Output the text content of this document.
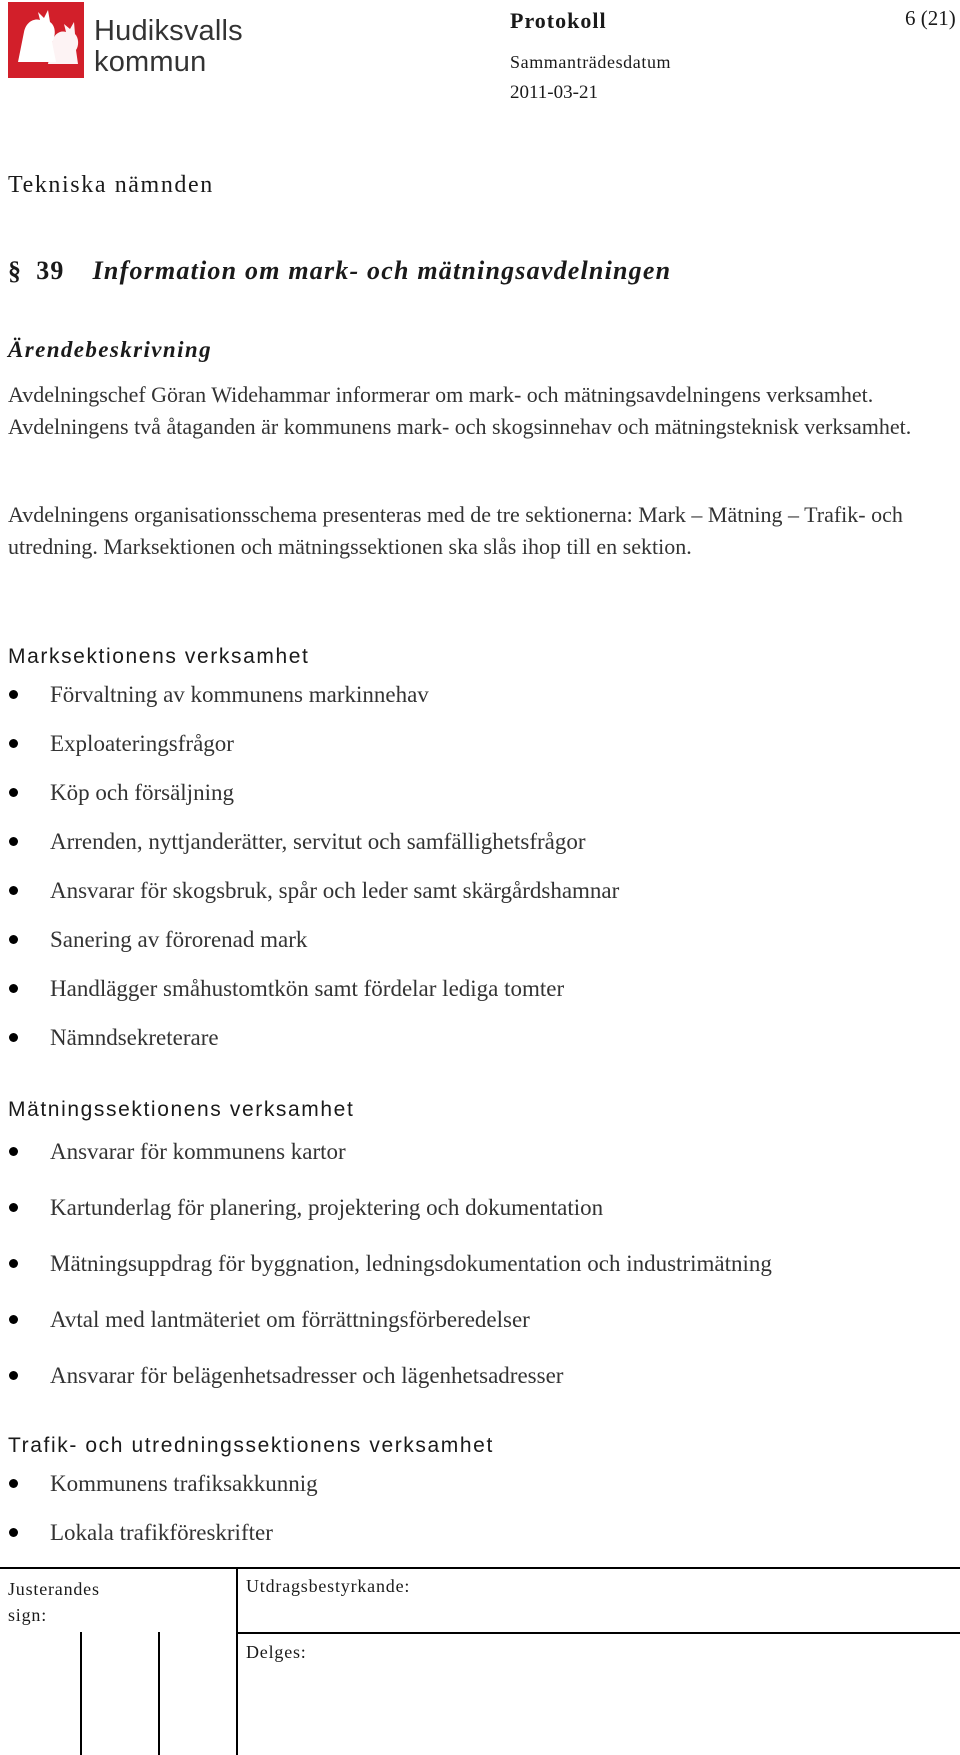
Hudiksvalls
kommun
Protokoll	6 (21)
Sammanträdesdatum
2011-03-21
Tekniska nämnden
§ 39 Information om mark- och mätningsavdelningen
Ärendebeskrivning
Avdelningschef Göran Widehammar informerar om mark- och mätningsavdelningens verksamhet. Avdelningens två åtaganden är kommunens mark- och skogsinnehav och mätningsteknisk verksamhet.
Avdelningens organisationsschema presenteras med de tre sektionerna: Mark – Mätning – Trafik- och utredning. Marksektionen och mätningssektionen ska slås ihop till en sektion.
Marksektionens verksamhet
Förvaltning av kommunens markinnehav
Exploateringsfrågor
Köp och försäljning
Arrenden, nyttjanderätter, servitut och samfällighetsfrågor
Ansvarar för skogsbruk, spår och leder samt skärgårdshamnar
Sanering av förorenad mark
Handlägger småhustomtkön samt fördelar lediga tomter
Nämndsekreterare
Mätningssektionens verksamhet
Ansvarar för kommunens kartor
Kartunderlag för planering, projektering och dokumentation
Mätningsuppdrag för byggnation, ledningsdokumentation och industrimätning
Avtal med lantmäteriet om förrättningsförberedelser
Ansvarar för belägenhetsadresser och lägenhetsadresser
Trafik- och utredningssektionens verksamhet
Kommunens trafiksakkunnig
Lokala trafikföreskrifter
Justerandes sign:
Utdragsbestyrkande:
Delges:
